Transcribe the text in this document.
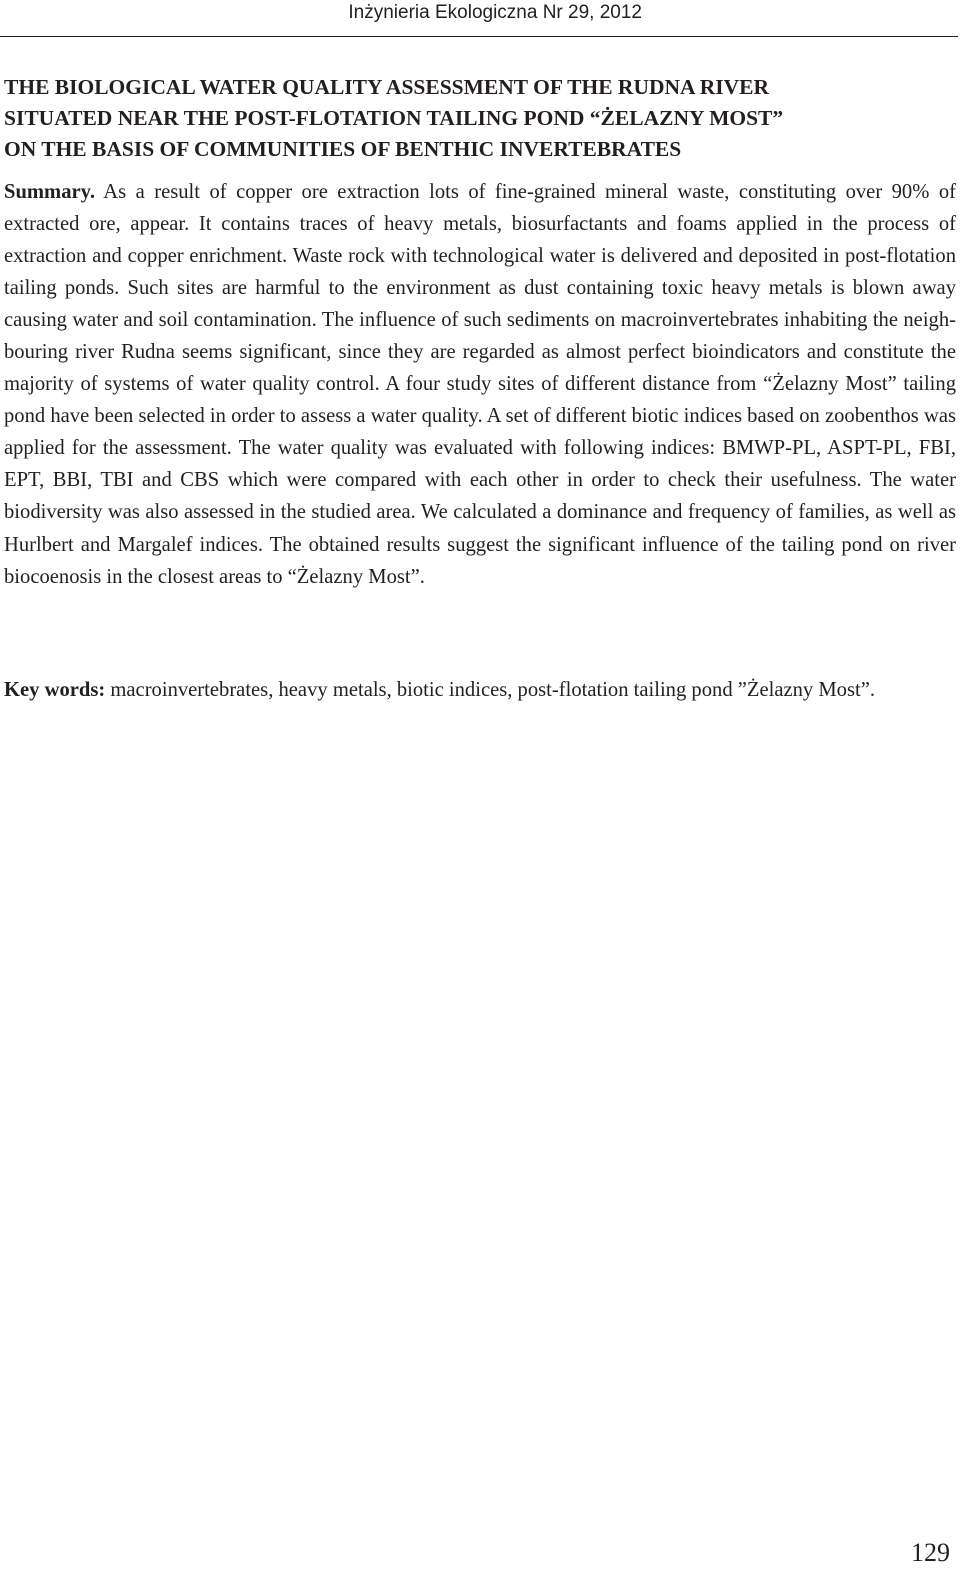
Inżynieria Ekologiczna Nr 29, 2012
THE BIOLOGICAL WATER QUALITY ASSESSMENT OF THE RUDNA RIVER
SITUATED NEAR THE POST-FLOTATION TAILING POND “ŻELAZNY MOST”
ON THE BASIS OF COMMUNITIES OF BENTHIC INVERTEBRATES

Summary. As a result of copper ore extraction lots of fine-grained mineral waste, constituting over 90% of extracted ore, appear. It contains traces of heavy metals, biosurfactants and foams applied in the process of extraction and copper enrichment. Waste rock with technological water is delivered and deposited in post-flotation tailing ponds. Such sites are harmful to the environment as dust containing toxic heavy metals is blown away causing water and soil contamination. The influence of such sediments on macroinvertebrates inhabiting the neighbouring river Rudna seems significant, since they are regarded as almost perfect bioindicators and constitute the majority of systems of water quality control. A four study sites of different distance from “Żelazny Most” tailing pond have been selected in order to assess a water quality. A set of different biotic indices based on zoobenthos was applied for the assessment. The water quality was evaluated with following indices: BMWP-PL, ASPT-PL, FBI, EPT, BBI, TBI and CBS which were compared with each other in order to check their usefulness. The water biodiversity was also assessed in the studied area. We calculated a dominance and frequency of families, as well as Hurlbert and Margalef indices. The obtained results suggest the significant influence of the tailing pond on river biocoenosis in the closest areas to “Żelazny Most”.

Key words: macroinvertebrates, heavy metals, biotic indices, post-flotation tailing pond ”Żelazny Most”.

129
